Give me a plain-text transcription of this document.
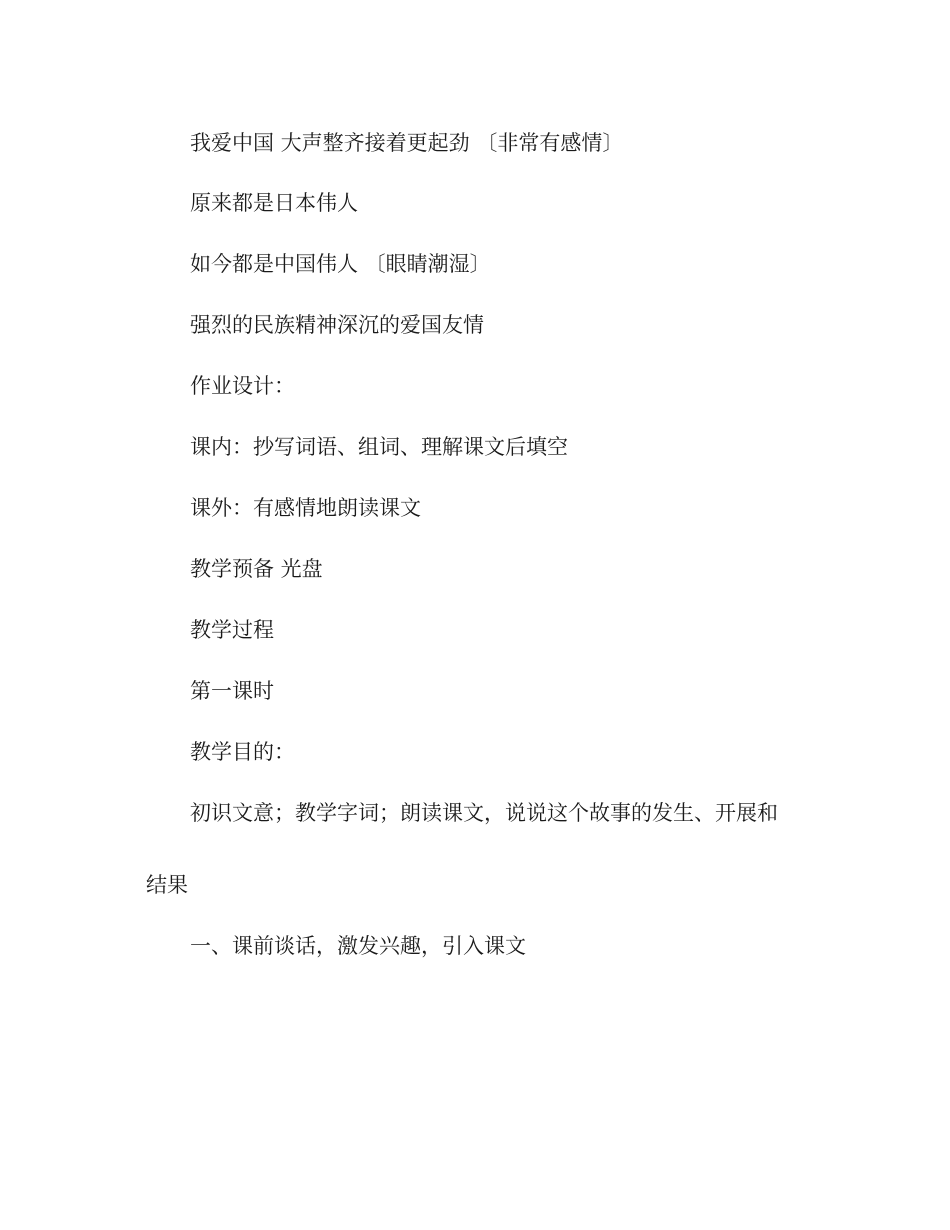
我爱中国 大声整齐接着更起劲 〔非常有感情〕

原来都是日本伟人

如今都是中国伟人 〔眼睛潮湿〕

强烈的民族精神深沉的爱国友情

作业设计：

课内：抄写词语、组词、理解课文后填空

课外：有感情地朗读课文

教学预备 光盘

教学过程

第一课时

教学目的：

初识文意；教学字词；朗读课文，说说这个故事的发生、开展和

结果

一、课前谈话，激发兴趣，引入课文
